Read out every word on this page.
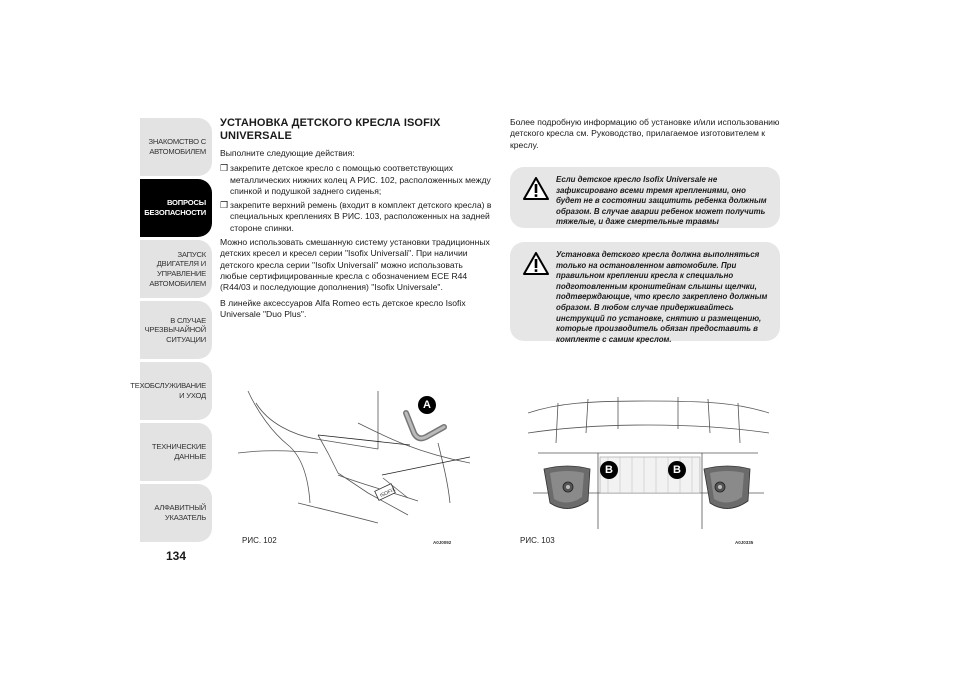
ЗНАКОМСТВО С
АВТОМОБИЛЕМ
ВОПРОСЫ
БЕЗОПАСНОСТИ
ЗАПУСК ДВИГАТЕЛЯ И
УПРАВЛЕНИЕ
АВТОМОБИЛЕМ
В СЛУЧАЕ
ЧРЕЗВЫЧАЙНОЙ
СИТУАЦИИ
ТЕХОБСЛУЖИВАНИЕ
И УХОД
ТЕХНИЧЕСКИЕ
ДАННЫЕ
АЛФАВИТНЫЙ
УКАЗАТЕЛЬ
134
УСТАНОВКА ДЕТСКОГО КРЕСЛА ISOFIX UNIVERSALE

Выполните следующие действия:

❒ закрепите детское кресло с помощью соответствующих металлических нижних колец A РИС. 102, расположенных между спинкой и подушкой заднего сиденья;
❒ закрепите верхний ремень (входит в комплект детского кресла) в специальных креплениях B РИС. 103, расположенных на задней стороне спинки.

Можно использовать смешанную систему установки традиционных детских кресел и кресел серии "Isofix Universali". При наличии детского кресла серии "Isofix Universali" можно использовать любые сертифицированные кресла с обозначением ECE R44 (R44/03 и последующие дополнения) "Isofix Universale".

В линейке аксессуаров Alfa Romeo есть детское кресло Isofix Universale "Duo Plus".

Более подробную информацию об установке и/или использованию детского кресла см. Руководство, прилагаемое изготовителем к креслу.

Если детское кресло Isofix Universale не зафиксировано всеми тремя креплениями, оно будет не в состоянии защитить ребенка должным образом. В случае аварии ребенок может получить тяжелые, и даже смертельные травмы
Установка детского кресла должна выполняться только на остановленном автомобиле. При правильном креплении кресла к специально подготовленным кронштейнам слышны щелчки, подтверждающие, что кресло закреплено должным образом. В любом случае придерживайтесь инструкций по установке, снятию и размещению, которые производитель обязан предоставить в комплекте с самим креслом.
ISOFIX
A
РИС. 102	A0J0092
B	B
РИС. 103	A0J0335
